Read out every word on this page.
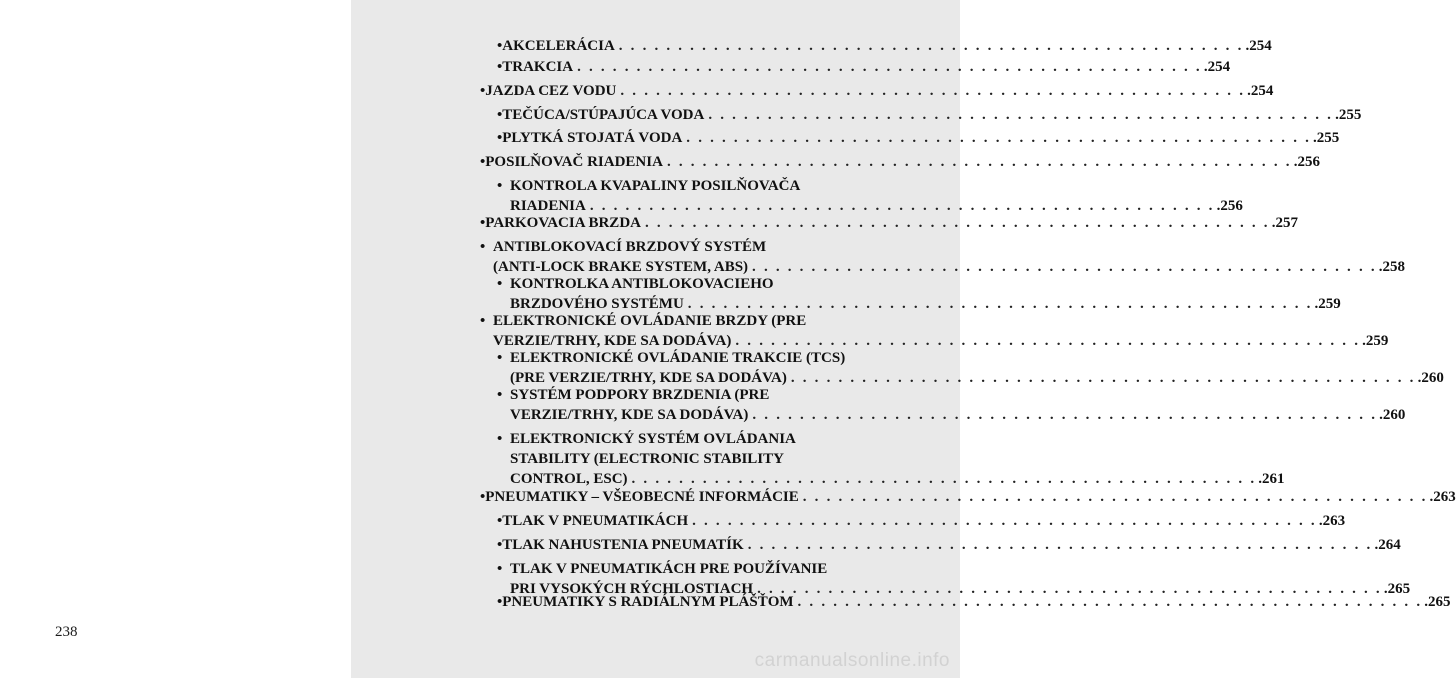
238
• AKCELERÁCIA . . . . . . . . . . . . . . . . . . . . . . . . . . . . . . . . . . . . . . . . . . . . . . . . . . . . . .254
• TRAKCIA . . . . . . . . . . . . . . . . . . . . . . . . . . . . . . . . . . . . . . . . . . . . . . . . . . . . . .254
• JAZDA CEZ VODU . . . . . . . . . . . . . . . . . . . . . . . . . . . . . . . . . . . . . . . . . . . . . . . . . . . . . .254
• TEČÚCA/STÚPAJÚCA VODA . . . . . . . . . . . . . . . . . . . . . . . . . . . . . . . . . . . . . . . . . . . . . . . . . . . . . .255
• PLYTKÁ STOJATÁ VODA . . . . . . . . . . . . . . . . . . . . . . . . . . . . . . . . . . . . . . . . . . . . . . . . . . . . . .255
• POSILŇOVAČ RIADENIA . . . . . . . . . . . . . . . . . . . . . . . . . . . . . . . . . . . . . . . . . . . . . . . . . . . . . .256
• KONTROLA KVAPALINY POSILŇOVAČA
RIADENIA . . . . . . . . . . . . . . . . . . . . . . . . . . . . . . . . . . . . . . . . . . . . . . . . . . . . . .256
• PARKOVACIA BRZDA . . . . . . . . . . . . . . . . . . . . . . . . . . . . . . . . . . . . . . . . . . . . . . . . . . . . . .257
• ANTIBLOKOVACÍ BRZDOVÝ SYSTÉM
(ANTI-LOCK BRAKE SYSTEM, ABS) . . . . . . . . . . . . . . . . . . . . . . . . . . . . . . . . . . . . . . . . . . . . . . . . . . . . . .258
• KONTROLKA ANTIBLOKOVACIEHO
BRZDOVÉHO SYSTÉMU . . . . . . . . . . . . . . . . . . . . . . . . . . . . . . . . . . . . . . . . . . . . . . . . . . . . . .259
• ELEKTRONICKÉ OVLÁDANIE BRZDY (PRE
VERZIE/TRHY, KDE SA DODÁVA) . . . . . . . . . . . . . . . . . . . . . . . . . . . . . . . . . . . . . . . . . . . . . . . . . . . . . .259
• ELEKTRONICKÉ OVLÁDANIE TRAKCIE (TCS)
(PRE VERZIE/TRHY, KDE SA DODÁVA) . . . . . . . . . . . . . . . . . . . . . . . . . . . . . . . . . . . . . . . . . . . . . . . . . . . . . .260
• SYSTÉM PODPORY BRZDENIA (PRE
VERZIE/TRHY, KDE SA DODÁVA) . . . . . . . . . . . . . . . . . . . . . . . . . . . . . . . . . . . . . . . . . . . . . . . . . . . . . .260
• ELEKTRONICKÝ SYSTÉM OVLÁDANIA
STABILITY (ELECTRONIC STABILITY
CONTROL, ESC) . . . . . . . . . . . . . . . . . . . . . . . . . . . . . . . . . . . . . . . . . . . . . . . . . . . . . .261
• PNEUMATIKY – VŠEOBECNÉ INFORMÁCIE . . . . . . . . . . . . . . . . . . . . . . . . . . . . . . . . . . . . . . . . . . . . . . . . . . . . . .263
• TLAK V PNEUMATIKÁCH . . . . . . . . . . . . . . . . . . . . . . . . . . . . . . . . . . . . . . . . . . . . . . . . . . . . . .263
• TLAK NAHUSTENIA PNEUMATÍK . . . . . . . . . . . . . . . . . . . . . . . . . . . . . . . . . . . . . . . . . . . . . . . . . . . . . .264
• TLAK V PNEUMATIKÁCH PRE POUŽÍVANIE
PRI VYSOKÝCH RÝCHLOSTIACH . . . . . . . . . . . . . . . . . . . . . . . . . . . . . . . . . . . . . . . . . . . . . . . . . . . . . .265
• PNEUMATIKY S RADIÁLNYM PLÁŠŤOM . . . . . . . . . . . . . . . . . . . . . . . . . . . . . . . . . . . . . . . . . . . . . . . . . . . . . .265
carmanualsonline.info
